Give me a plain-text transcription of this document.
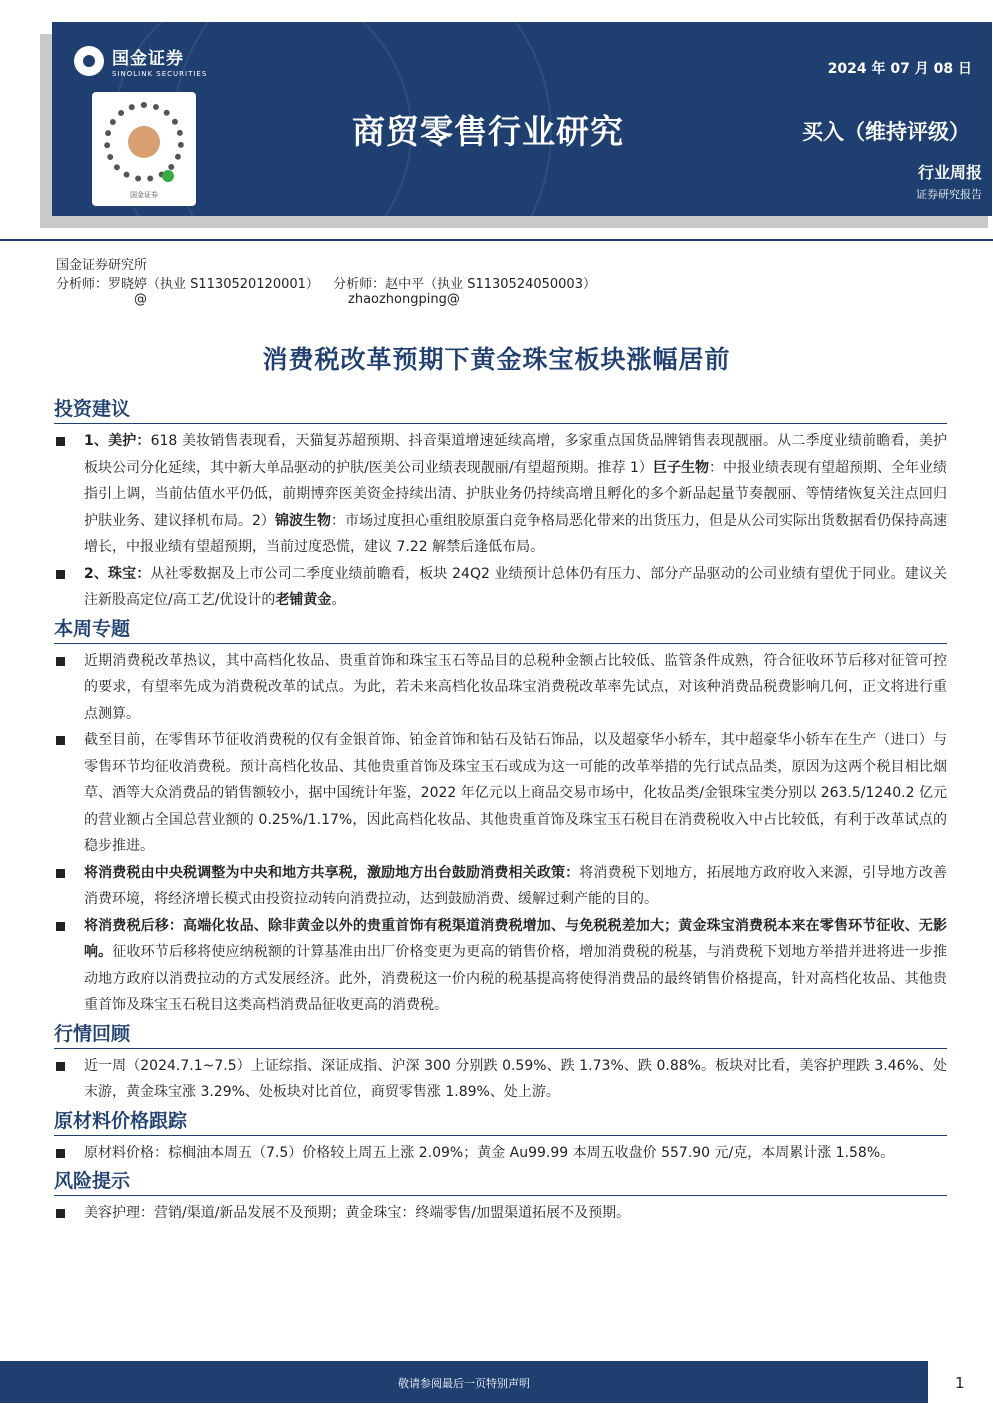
国金证券
SINOLINK SECURITIES
国金证券
2024 年 07 月 08 日
商贸零售行业研究	买入（维持评级）
行业周报
证券研究报告
国金证券研究所
分析师：罗晓婷（执业 S1130520120001） 分析师：赵中平（执业 S1130524050003）
@	zhaozhongping@
消费税改革预期下黄金珠宝板块涨幅居前
投资建议
1、美护：618 美妆销售表现看，天猫复苏超预期、抖音渠道增速延续高增，多家重点国货品牌销售表现靓丽。从二季度业绩前瞻看，美护板块公司分化延续，其中新大单品驱动的护肤/医美公司业绩表现靓丽/有望超预期。推荐 1）巨子生物：中报业绩表现有望超预期、全年业绩指引上调，当前估值水平仍低，前期博弈医美资金持续出清、护肤业务仍持续高增且孵化的多个新品起量节奏靓丽、等情绪恢复关注点回归护肤业务、建议择机布局。2）锦波生物：市场过度担心重组胶原蛋白竞争格局恶化带来的出货压力，但是从公司实际出货数据看仍保持高速增长，中报业绩有望超预期，当前过度恐慌，建议 7.22 解禁后逢低布局。
2、珠宝：从社零数据及上市公司二季度业绩前瞻看，板块 24Q2 业绩预计总体仍有压力、部分产品驱动的公司业绩有望优于同业。建议关注新股高定位/高工艺/优设计的老铺黄金。
本周专题
近期消费税改革热议，其中高档化妆品、贵重首饰和珠宝玉石等品目的总税种金额占比较低、监管条件成熟，符合征收环节后移对征管可控的要求，有望率先成为消费税改革的试点。为此，若未来高档化妆品珠宝消费税改革率先试点，对该种消费品税费影响几何，正文将进行重点测算。
截至目前，在零售环节征收消费税的仅有金银首饰、铂金首饰和钻石及钻石饰品，以及超豪华小轿车，其中超豪华小轿车在生产（进口）与零售环节均征收消费税。预计高档化妆品、其他贵重首饰及珠宝玉石或成为这一可能的改革举措的先行试点品类，原因为这两个税目相比烟草、酒等大众消费品的销售额较小，据中国统计年鉴，2022 年亿元以上商品交易市场中，化妆品类/金银珠宝类分别以 263.5/1240.2 亿元的营业额占全国总营业额的 0.25%/1.17%，因此高档化妆品、其他贵重首饰及珠宝玉石税目在消费税收入中占比较低，有利于改革试点的稳步推进。
将消费税由中央税调整为中央和地方共享税，激励地方出台鼓励消费相关政策：将消费税下划地方，拓展地方政府收入来源，引导地方改善消费环境，将经济增长模式由投资拉动转向消费拉动，达到鼓励消费、缓解过剩产能的目的。
将消费税后移：高端化妆品、除非黄金以外的贵重首饰有税渠道消费税增加、与免税税差加大；黄金珠宝消费税本来在零售环节征收、无影响。征收环节后移将使应纳税额的计算基准由出厂价格变更为更高的销售价格，增加消费税的税基，与消费税下划地方举措并进将进一步推动地方政府以消费拉动的方式发展经济。此外，消费税这一价内税的税基提高将使得消费品的最终销售价格提高，针对高档化妆品、其他贵重首饰及珠宝玉石税目这类高档消费品征收更高的消费税。
行情回顾
近一周（2024.7.1~7.5）上证综指、深证成指、沪深 300 分别跌 0.59%、跌 1.73%、跌 0.88%。板块对比看，美容护理跌 3.46%、处末游，黄金珠宝涨 3.29%、处板块对比首位，商贸零售涨 1.89%、处上游。
原材料价格跟踪
原材料价格：棕榈油本周五（7.5）价格较上周五上涨 2.09%；黄金 Au99.99 本周五收盘价 557.90 元/克，本周累计涨 1.58%。
风险提示
美容护理：营销/渠道/新品发展不及预期；黄金珠宝：终端零售/加盟渠道拓展不及预期。
敬请参阅最后一页特别声明	1
